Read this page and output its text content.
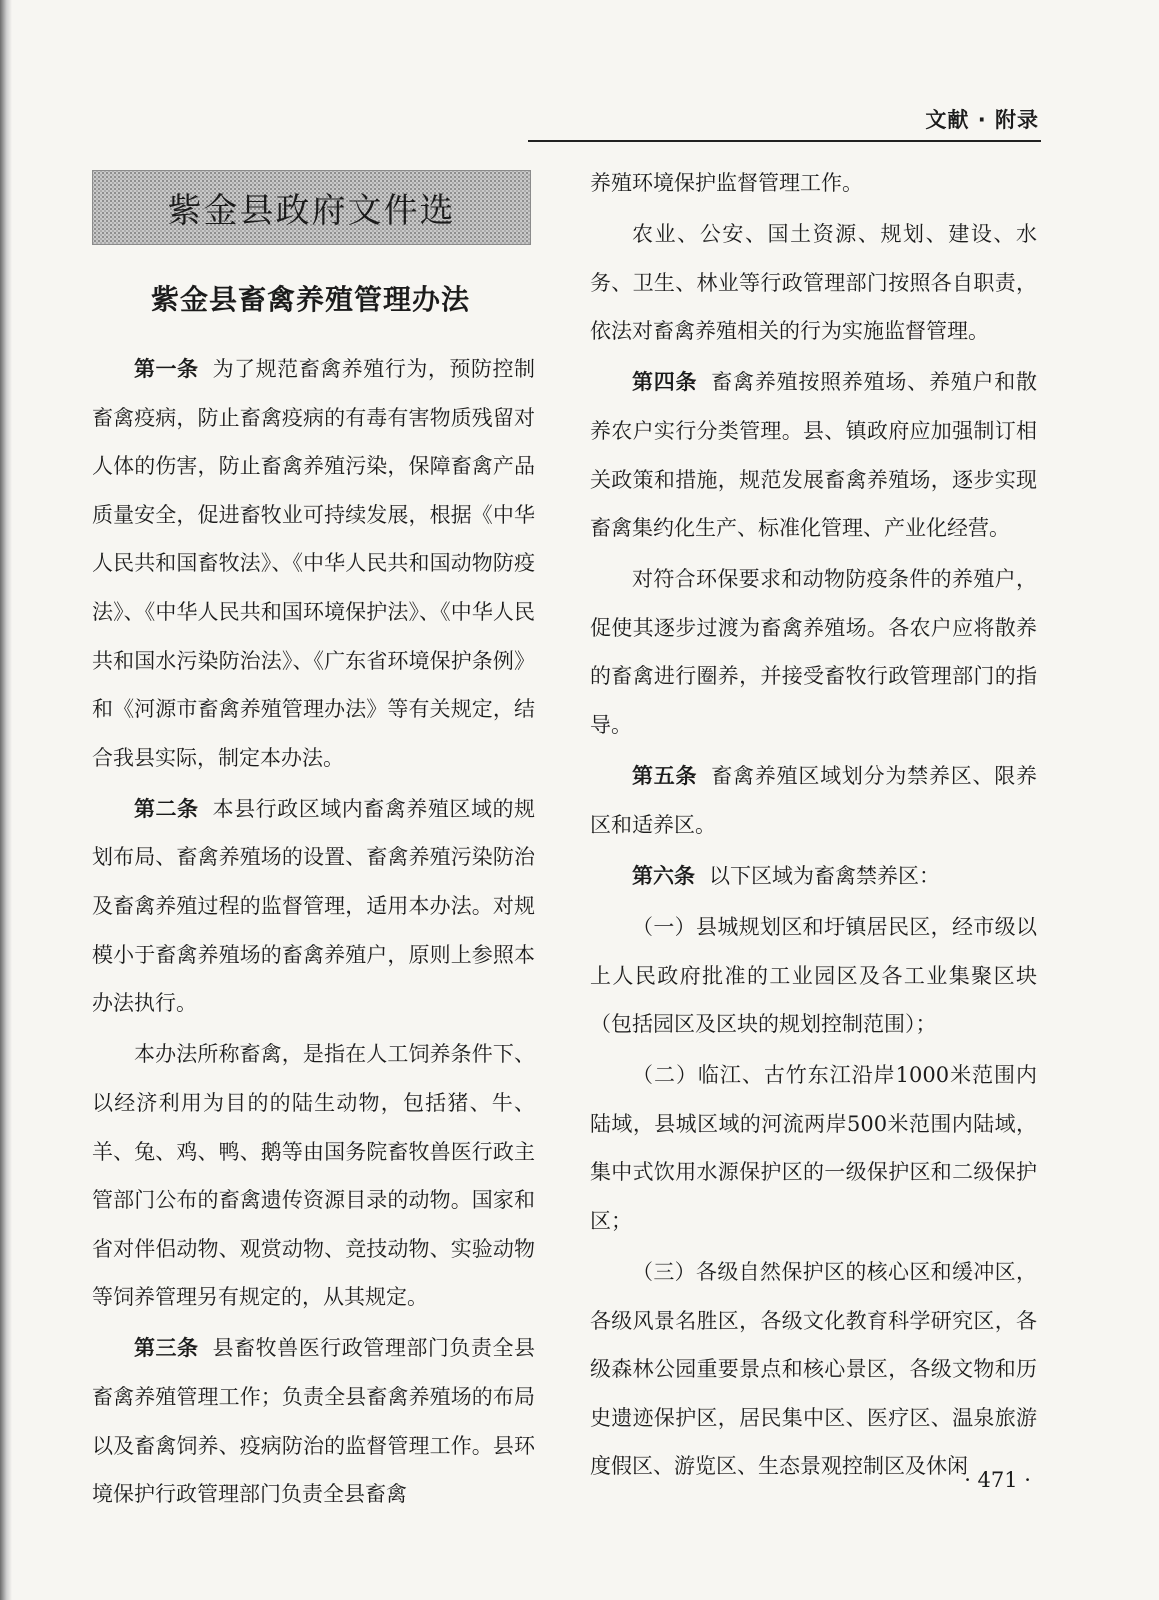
文献 · 附录
紫金县政府文件选
紫金县畜禽养殖管理办法

第一条 为了规范畜禽养殖行为，预防控制畜禽疫病，防止畜禽疫病的有毒有害物质残留对人体的伤害，防止畜禽养殖污染，保障畜禽产品质量安全，促进畜牧业可持续发展，根据《中华人民共和国畜牧法》、《中华人民共和国动物防疫法》、《中华人民共和国环境保护法》、《中华人民共和国水污染防治法》、《广东省环境保护条例》和《河源市畜禽养殖管理办法》等有关规定，结合我县实际，制定本办法。

第二条 本县行政区域内畜禽养殖区域的规划布局、畜禽养殖场的设置、畜禽养殖污染防治及畜禽养殖过程的监督管理，适用本办法。对规模小于畜禽养殖场的畜禽养殖户，原则上参照本办法执行。

本办法所称畜禽，是指在人工饲养条件下、以经济利用为目的的陆生动物，包括猪、牛、羊、兔、鸡、鸭、鹅等由国务院畜牧兽医行政主管部门公布的畜禽遗传资源目录的动物。国家和省对伴侣动物、观赏动物、竞技动物、实验动物等饲养管理另有规定的，从其规定。

第三条 县畜牧兽医行政管理部门负责全县畜禽养殖管理工作；负责全县畜禽养殖场的布局以及畜禽饲养、疫病防治的监督管理工作。县环境保护行政管理部门负责全县畜禽

养殖环境保护监督管理工作。

农业、公安、国土资源、规划、建设、水务、卫生、林业等行政管理部门按照各自职责，依法对畜禽养殖相关的行为实施监督管理。

第四条 畜禽养殖按照养殖场、养殖户和散养农户实行分类管理。县、镇政府应加强制订相关政策和措施，规范发展畜禽养殖场，逐步实现畜禽集约化生产、标准化管理、产业化经营。

对符合环保要求和动物防疫条件的养殖户，促使其逐步过渡为畜禽养殖场。各农户应将散养的畜禽进行圈养，并接受畜牧行政管理部门的指导。

第五条 畜禽养殖区域划分为禁养区、限养区和适养区。

第六条 以下区域为畜禽禁养区：

（一）县城规划区和圩镇居民区，经市级以上人民政府批准的工业园区及各工业集聚区块（包括园区及区块的规划控制范围）；

（二）临江、古竹东江沿岸1000米范围内陆域，县城区域的河流两岸500米范围内陆域，集中式饮用水源保护区的一级保护区和二级保护区；

（三）各级自然保护区的核心区和缓冲区，各级风景名胜区，各级文化教育科学研究区，各级森林公园重要景点和核心景区，各级文物和历史遗迹保护区，居民集中区、医疗区、温泉旅游度假区、游览区、生态景观控制区及休闲

· 471 ·
